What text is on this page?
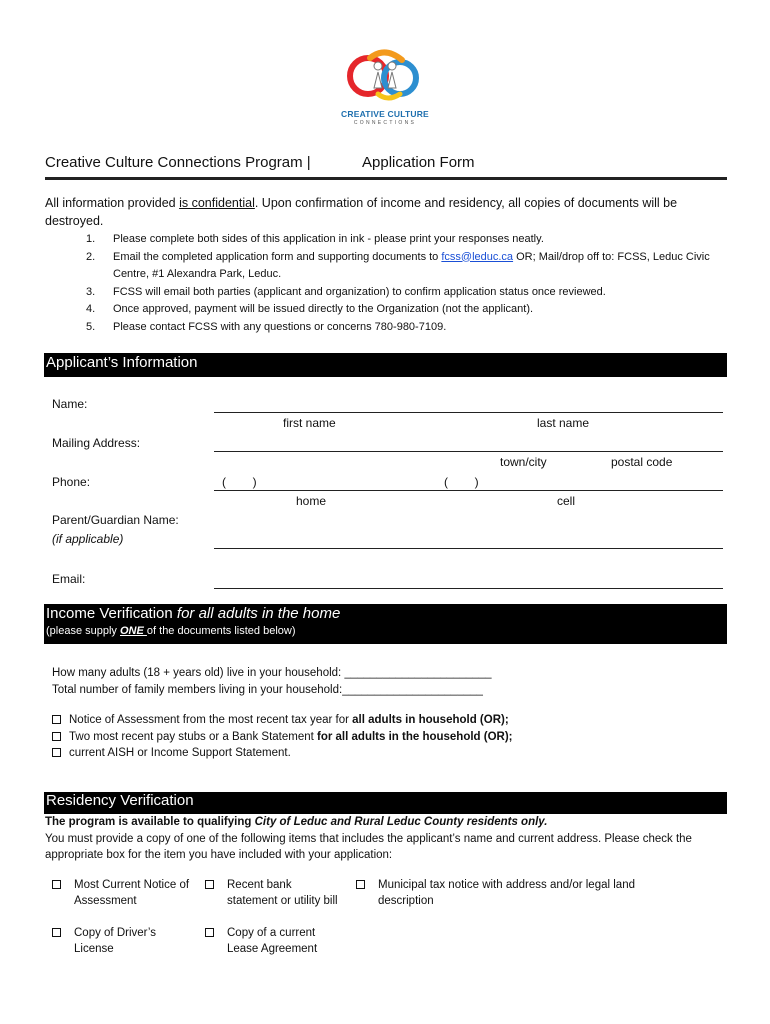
CREATIVE CULTURE
CONNECTIONS
Creative Culture Connections Program |	Application Form
All information provided is confidential. Upon confirmation of income and residency, all copies of documents will be destroyed.
1. Please complete both sides of this application in ink - please print your responses neatly.
2. Email the completed application form and supporting documents to fcss@leduc.ca OR; Mail/drop off to: FCSS, Leduc Civic Centre, #1 Alexandra Park, Leduc.
3. FCSS will email both parties (applicant and organization) to confirm application status once reviewed.
4. Once approved, payment will be issued directly to the Organization (not the applicant).
5. Please contact FCSS with any questions or concerns 780-980-7109.
Applicant’s Information
Name:
first name	last name
Mailing Address:
town/city	postal code
Phone:	(        )	(        )
home	cell
Parent/Guardian Name:
(if applicable)
Email:
Income Verification for all adults in the home
(please supply ONE of the documents listed below)
How many adults (18 + years old) live in your household: _______________________
Total number of family members living in your household:______________________
Notice of Assessment from the most recent tax year for all adults in household (OR);
Two most recent pay stubs or a Bank Statement for all adults in the household (OR);
current AISH or Income Support Statement.
Residency Verification
The program is available to qualifying City of Leduc and Rural Leduc County residents only.
You must provide a copy of one of the following items that includes the applicant’s name and current address. Please check the appropriate box for the item you have included with your application:
Most Current Notice of Assessment
Recent bank statement or utility bill
Municipal tax notice with address and/or legal land description
Copy of Driver’s License
Copy of a current Lease Agreement
